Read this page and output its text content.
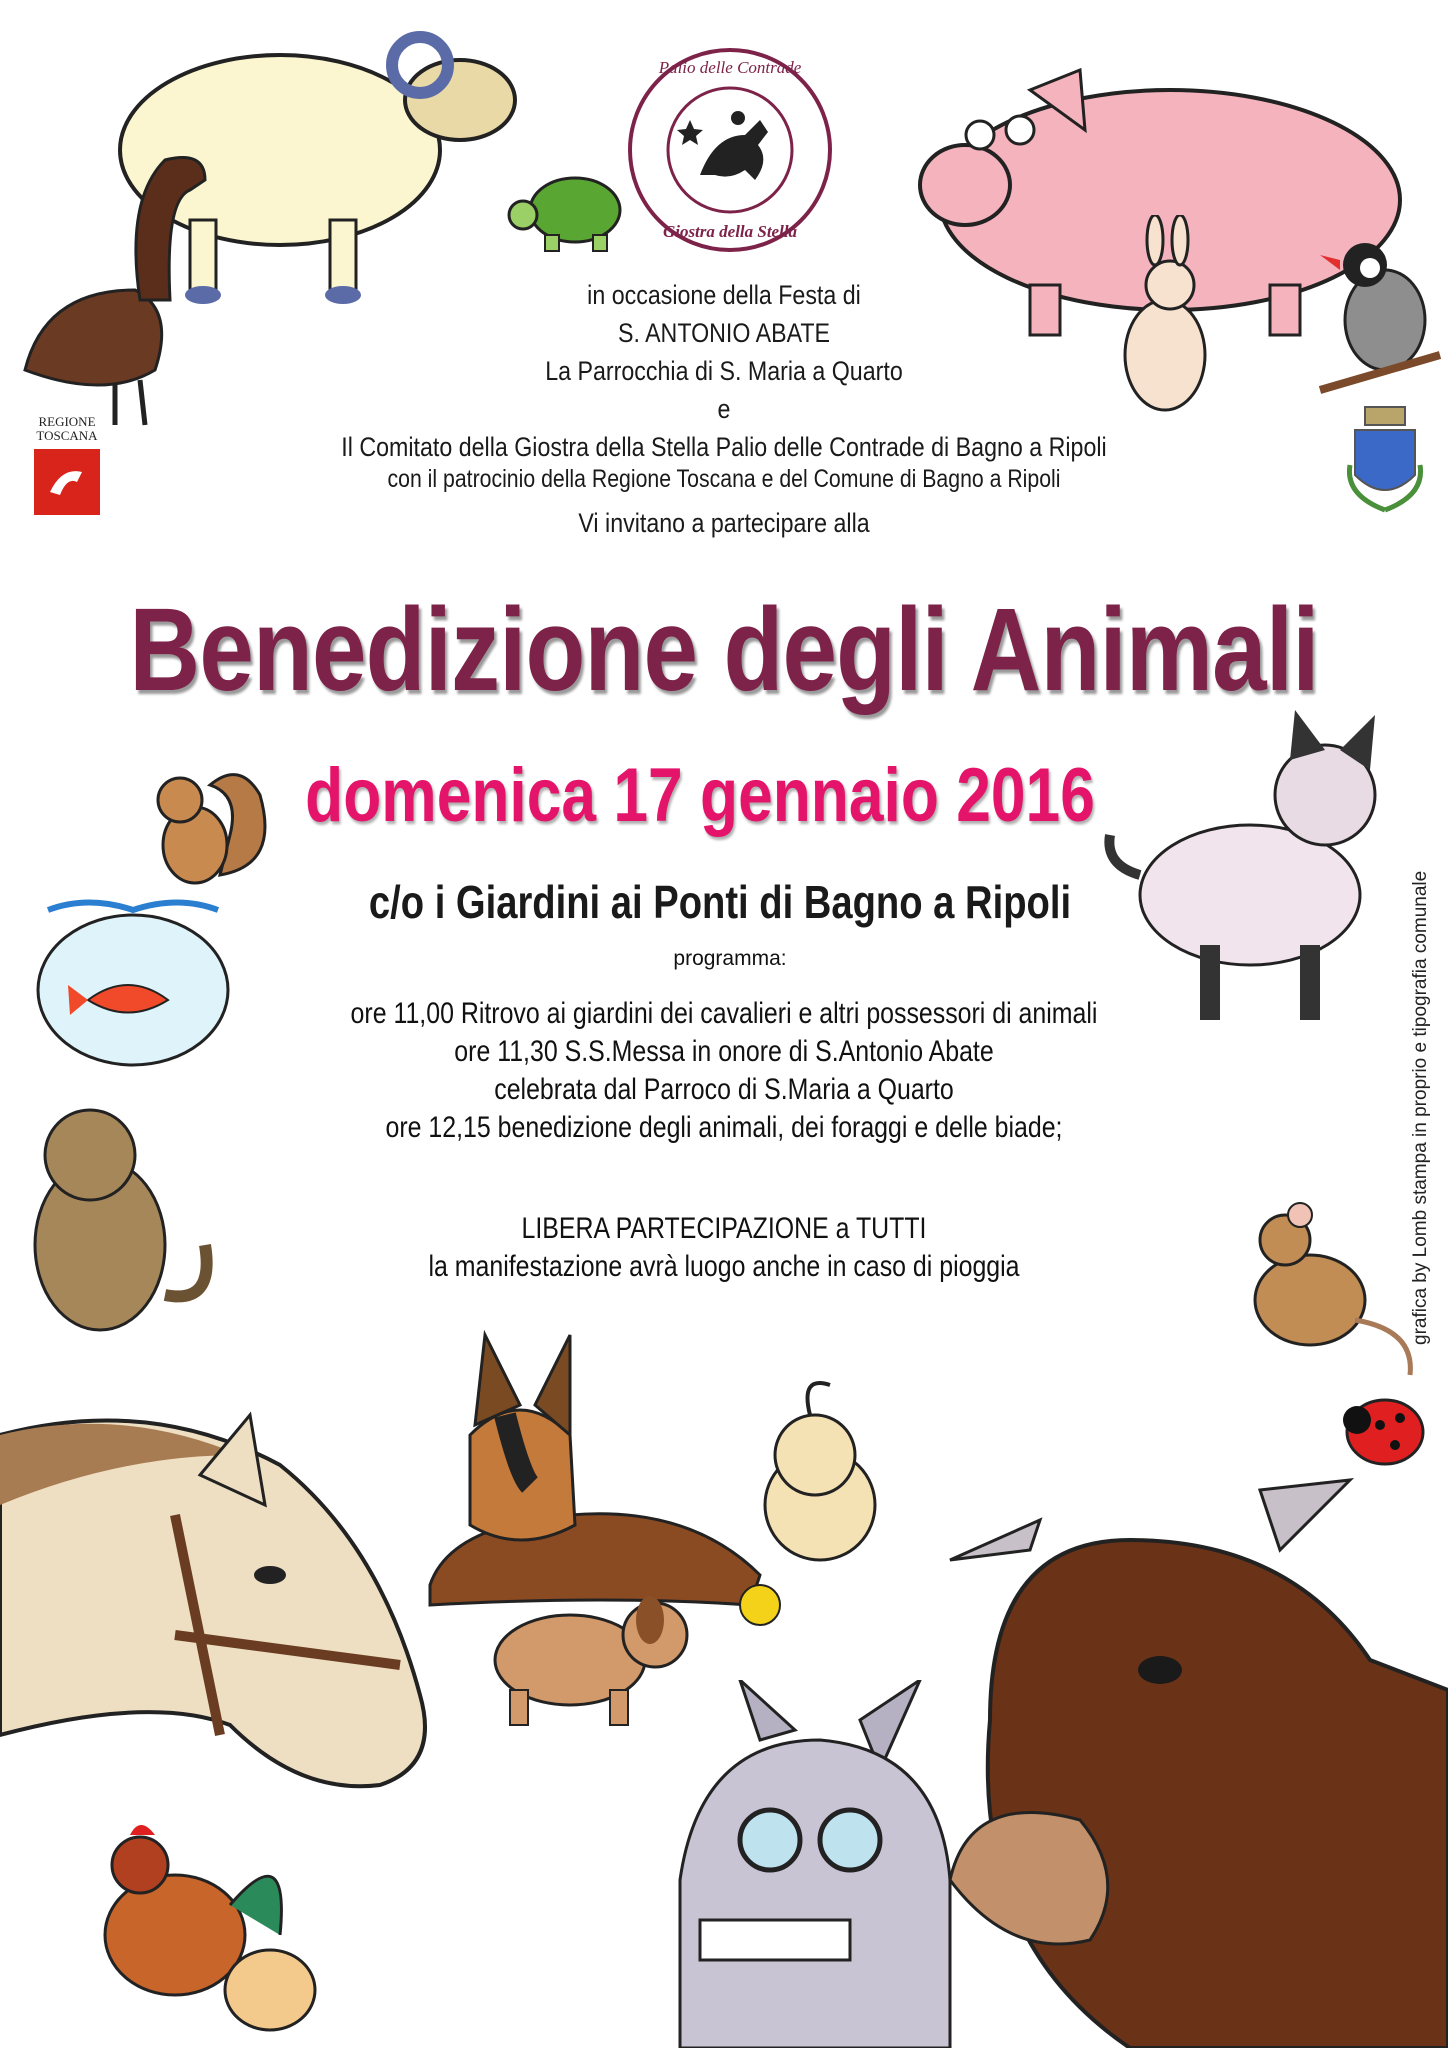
REGIONE
TOSCANA
Palio delle Contrade
Giostra della Stella
in occasione della Festa di
S. ANTONIO ABATE
La Parrocchia di S. Maria a Quarto
e
Il Comitato della Giostra della Stella Palio delle Contrade di Bagno a Ripoli
con il patrocinio della Regione Toscana e del Comune di Bagno a Ripoli
Vi invitano a partecipare alla
Benedizione degli Animali
domenica 17 gennaio 2016
c/o i Giardini ai Ponti di Bagno a Ripoli
programma:
ore 11,00 Ritrovo ai giardini dei cavalieri e altri possessori di animali
ore 11,30 S.S.Messa in onore di S.Antonio Abate
celebrata dal Parroco di S.Maria a Quarto
ore 12,15 benedizione degli animali, dei foraggi e delle biade;
LIBERA PARTECIPAZIONE a TUTTI
la manifestazione avrà luogo anche in caso di pioggia	grafica by Lomb stampa in proprio e tipografia comunale
